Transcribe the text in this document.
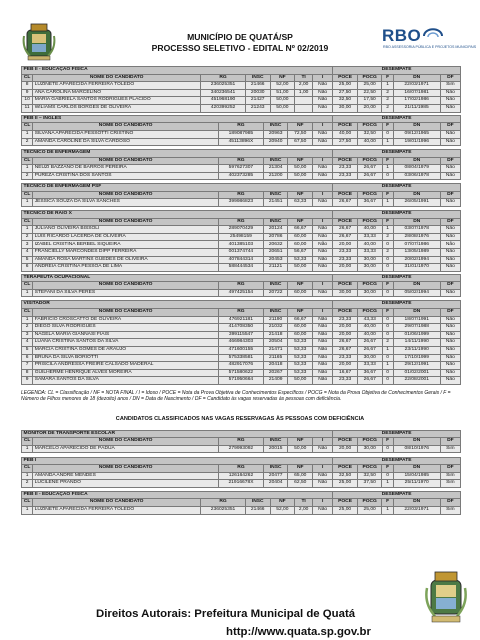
RBO
RBO ASSESSORIA PÚBLICA E PROJETOS MUNICIPAIS
MUNICÍPIO DE QUATÁ/SP
PROCESSO SELETIVO - EDITAL Nº 02/2019
PEB II - EDUCAÇÃO FÍSICA							DESEMPATE				
CL	NOME DO CANDIDATO	RG	INSC	NF	TI	I	POCE	POCG	F	DN	DF
8	LUZINETE APARECIDA FERREIRA TOLEDO	236025351	21466	52,00	2,00	Não	25,00	25,00	1	22/03/1971	Sim
9	ANA CAROLINA MARCELINO	340236541	20030	51,00	1,00	Não	27,50	22,50	2	16/07/1981	Não
10	MARIA GABRIELA SANTOS RODRIGUES PLÁCIDO	451968190	21427	50,00		Não	32,50	17,50	2	17/02/1986	Não
11	WILIAMS CARLOS BORGES DE OLIVEIRA	420399252	21243	50,00		Não	30,00	20,00	2	21/11/1985	Não
PEB II – INGLÊS						DESEMPATE				
CL	NOME DO CANDIDATO	RG	INSC	NF	I	POCE	POCG	F	DN	DF
1	SILVANA APARECIDA PESSOTTI CRISTINO	189087985	20963	72,50	Não	40,00	32,50	0	09/12/1965	Não
2	AMANDA CAROLINE DA SILVA CARDOSO	45113896X	20940	67,50	Não	27,50	40,00	1	19/01/1996	Não
TÉCNICO DE ENFERMAGEM						DESEMPATE				
CL	NOME DO CANDIDATO	RG	INSC	NF	I	POCE	POCG	F	DN	DF
1	NEUZI BAZZANO DE BARROS PEREIRA	597627307	21304	50,00	Não	23,33	26,67	1	08/04/1979	Não
2	PUREZA CRISTINA DOS SANTOS	402373285	21200	50,00	Não	23,33	26,67	0	03/06/1978	Não
TÉCNICO DE ENFERMAGEM PSF						DESEMPATE				
CL	NOME DO CANDIDATO	RG	INSC	NF	I	POCE	POCG	F	DN	DF
1	JÉSSICA SOUZA DA SILVA SANCHES	399986823	21451	63,33	Não	26,67	36,67	1	26/05/1991	Não
TÉCNICO DE RAIO X						DESEMPATE				
CL	NOME DO CANDIDATO	RG	INSC	NF	I	POCE	POCG	F	DN	DF
1	JULIANO OLIVEIRA BISSOLI	289070429	20124	66,67	Não	26,67	40,00	1	03/07/1978	Não
2	LUIS RICARDO LACERDA DE OLIVEIRA	25498159	20786	60,00	Não	26,67	33,33	2	28/08/1976	Não
3	IZABEL CRISTINA BERBEL SIQUEIRA	401385103	20632	60,00	Não	20,00	40,00	0	07/07/1986	Não
4	FRANCIELLY MARCONDES DIPP FERREIRA	001374744	20651	56,67	Não	23,33	33,33	2	13/05/1989	Não
5	AMANDA ROSA MARTINS GUEDES DE OLIVEIRA	407844314	20453	53,33	Não	23,33	30,00	0	20/02/1994	Não
6	ANDRÉIA CRISTINA PESSOA DE LIMA	588444534	21121	50,00	Não	20,00	30,00	0	31/01/1970	Não
TERAPEUTA OCUPACIONAL						DESEMPATE				
CL	NOME DO CANDIDATO	RG	INSC	NF	I	POCE	POCG	F	DN	DF
1	STÉFANI DA SILVA PERES	497425154	20722	60,00	Não	30,00	30,00	0	05/02/1994	Não
VISITADOR						DESEMPATE				
CL	NOME DO CANDIDATO	RG	INSC	NF	I	POCE	POCG	F	DN	DF
1	FABRÍCIO CROSCATTO DE OLIVEIRA	476921181	21190	66,67	Não	23,33	43,33	0	18/07/1991	Não
2	DIEGO SILVA RODRIGUES	414708350	21032	60,00	Não	20,00	40,00	0	29/07/1988	Não
3	NÁGELA MARIA GIANNASI FIAIS	399115547	21418	60,00	Não	20,00	40,00	0	01/06/1999	Não
4	LUANA CRISTINA SANTOS DA SILVA	466984303	20504	53,33	Não	26,67	26,67	2	14/11/1990	Não
5	MÁRCIA CRISTINA GOMES DE ARAUJO	471600155	21471	53,33	Não	26,67	26,67	1	23/11/1990	Não
6	BRUNA DA SILVA BORIOTTI	575338581	21165	53,33	Não	23,33	30,00	0	17/10/1999	Não
7	PRISCILA ANDRESSA FREIRE CALSADO MADERAL	482917076	20418	53,33	Não	20,00	33,33	1	29/12/1991	Não
8	GUILHERME HENRIQUE ALVES MOREIRA	571580622	20267	53,33	Não	16,67	36,67	0	01/02/2001	Não
9	SAMARA SANTOS DA SILVA	571950664	21409	50,00	Não	23,33	26,67	0	22/08/2001	Não
LEGENDA: CL = Classificação / NF = NOTA FINAL / I = Idoso / POCE = Nota da Prova Objetiva de Conhecimentos Específicos / POCG = Nota da Prova Objetiva de Conhecimentos Gerais / F = Número de Filhos menores de 18 (dezoito) anos / DN = Data de Nascimento / DF = Candidato às vagas reservadas às pessoas com deficiência.
CANDIDATOS CLASSIFICADOS NAS VAGAS RESERVAGAS ÀS PESSOAS COM DEFICIÊNCIA
MONITOR DE TRANSPORTE ESCOLAR						DESEMPATE				
CL	NOME DO CANDIDATO	RG	INSC	NF	I	POCE	POCG	F	DN	DF
1	MARCELO APARECIDO DE PÁDUA	279993092	20015	50,00	Não	20,00	30,00	0	08/10/1976	Sim
PEB I						DESEMPATE				
CL	NOME DO CANDIDATO	RG	INSC	NF	I	POCE	POCG	F	DN	DF
1	AMANDA ANDRÉ MENDES	126164262	20477	65,00	Não	32,50	32,50	0	15/04/1985	Sim
2	LUCILENE PRANDO	21916678X	20404	62,50	Não	25,00	37,50	1	25/11/1970	Sim
PEB II - EDUCAÇÃO FÍSICA							DESEMPATE				
CL	NOME DO CANDIDATO	RG	INSC	NF	TI	I	POCE	POCG	F	DN	DF
1	LUZINETE APARECIDA FERREIRA TOLEDO	236025351	21466	52,00	2,00	Não	25,00	25,00	1	22/03/1971	Sim
Direitos Autorais: Prefeitura Municipal de Quatá
http://www.quata.sp.gov.br
